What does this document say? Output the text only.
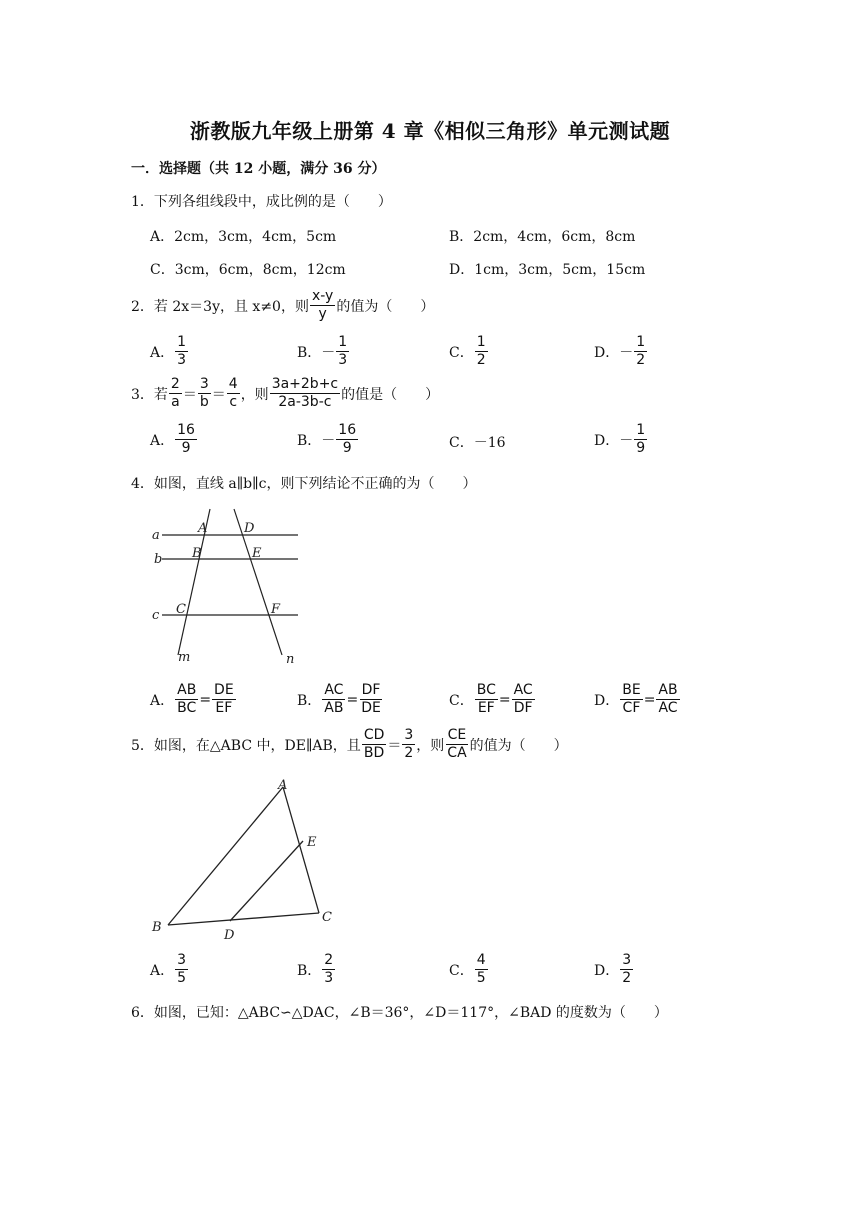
浙教版九年级上册第 4 章《相似三角形》单元测试题
一．选择题（共 12 小题，满分 36 分）
1．下列各组线段中，成比例的是（　　）
A．2cm，3cm，4cm，5cm	B．2cm，4cm，6cm，8cm
C．3cm，6cm，8cm，12cm	D．1cm，3cm，5cm，15cm
2．若 2x＝3y，且 x≠0，则 $\frac{x-y}{y}$ 的值为（　　）
A． $\frac{1}{3}$	B．－ $\frac{1}{3}$	C． $\frac{1}{2}$	D．－ $\frac{1}{2}$
3．若 $\frac{2}{a} = \frac{3}{b} = \frac{4}{c}$ ，则 $\frac{3a+2b+c}{2a-3b-c}$ 的值是（　　）
A． $\frac{16}{9}$	B．－ $\frac{16}{9}$	C．－16	D．－ $\frac{1}{9}$
4．如图，直线 a∥b∥c，则下列结论不正确的为（　　）
a
b
c
A	D
B	E
C	F
m	n
A． $\frac{AB}{BC} = \frac{DE}{EF}$	B． $\frac{AC}{AB} = \frac{DF}{DE}$	C． $\frac{BC}{EF} = \frac{AC}{DF}$	D． $\frac{BE}{CF} = \frac{AB}{AC}$
5．如图，在△ABC 中，DE∥AB，且 $\frac{CD}{BD} = \frac{3}{2}$ ，则 $\frac{CE}{CA}$ 的值为（　　）
A
E
B
D
C
A． $\frac{3}{5}$	B． $\frac{2}{3}$	C． $\frac{4}{5}$	D． $\frac{3}{2}$
6．如图，已知：△ABC∽△DAC，∠B＝36°，∠D＝117°，∠BAD 的度数为（　　）
